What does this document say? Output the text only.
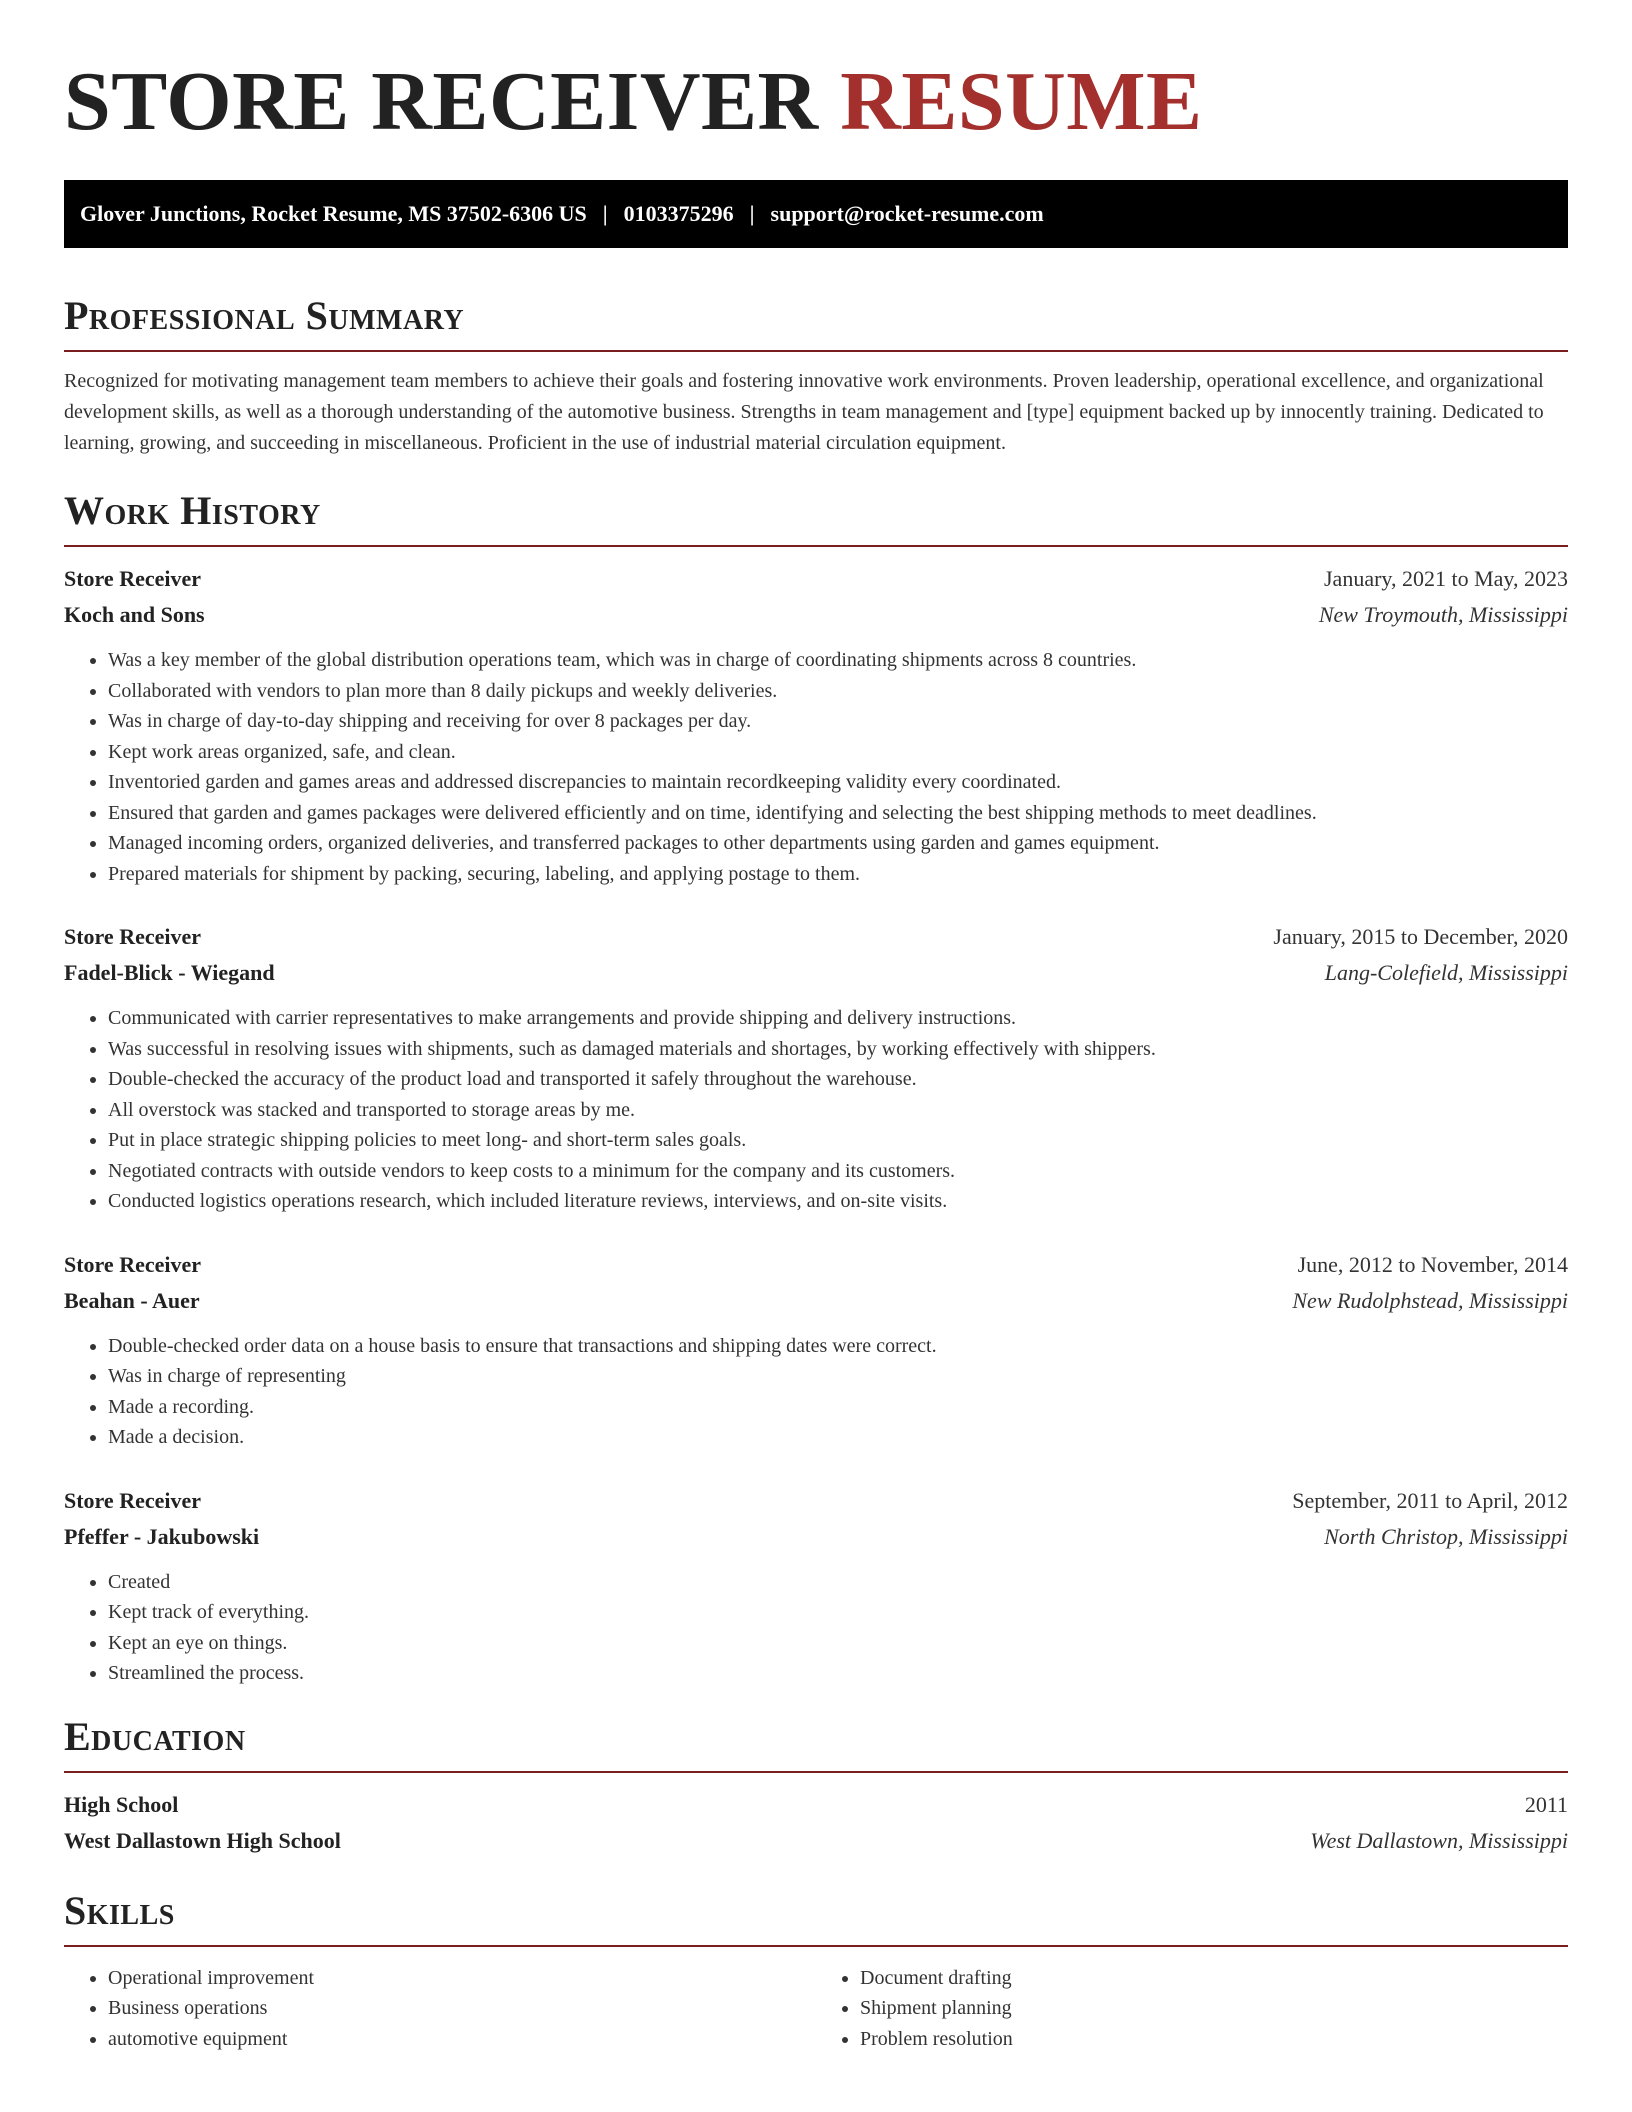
STORE RECEIVER RESUME
Glover Junctions, Rocket Resume, MS 37502-6306 US | 0103375296 | support@rocket-resume.com
Professional Summary

Recognized for motivating management team members to achieve their goals and fostering innovative work environments. Proven leadership, operational excellence, and organizational development skills, as well as a thorough understanding of the automotive business. Strengths in team management and [type] equipment backed up by innocently training. Dedicated to learning, growing, and succeeding in miscellaneous. Proficient in the use of industrial material circulation equipment.

Work History
Store Receiver	January, 2021 to May, 2023
Koch and Sons	New Troymouth, Mississippi
• Was a key member of the global distribution operations team, which was in charge of coordinating shipments across 8 countries.
• Collaborated with vendors to plan more than 8 daily pickups and weekly deliveries.
• Was in charge of day-to-day shipping and receiving for over 8 packages per day.
• Kept work areas organized, safe, and clean.
• Inventoried garden and games areas and addressed discrepancies to maintain recordkeeping validity every coordinated.
• Ensured that garden and games packages were delivered efficiently and on time, identifying and selecting the best shipping methods to meet deadlines.
• Managed incoming orders, organized deliveries, and transferred packages to other departments using garden and games equipment.
• Prepared materials for shipment by packing, securing, labeling, and applying postage to them.
Store Receiver	January, 2015 to December, 2020
Fadel-Blick - Wiegand	Lang-Colefield, Mississippi
• Communicated with carrier representatives to make arrangements and provide shipping and delivery instructions.
• Was successful in resolving issues with shipments, such as damaged materials and shortages, by working effectively with shippers.
• Double-checked the accuracy of the product load and transported it safely throughout the warehouse.
• All overstock was stacked and transported to storage areas by me.
• Put in place strategic shipping policies to meet long- and short-term sales goals.
• Negotiated contracts with outside vendors to keep costs to a minimum for the company and its customers.
• Conducted logistics operations research, which included literature reviews, interviews, and on-site visits.
Store Receiver	June, 2012 to November, 2014
Beahan - Auer	New Rudolphstead, Mississippi
• Double-checked order data on a house basis to ensure that transactions and shipping dates were correct.
• Was in charge of representing
• Made a recording.
• Made a decision.
Store Receiver	September, 2011 to April, 2012
Pfeffer - Jakubowski	North Christop, Mississippi
• Created
• Kept track of everything.
• Kept an eye on things.
• Streamlined the process.
Education
High School	2011
West Dallastown High School	West Dallastown, Mississippi
Skills
• Operational improvement
• Business operations
• automotive equipment
• Document drafting
• Shipment planning
• Problem resolution
